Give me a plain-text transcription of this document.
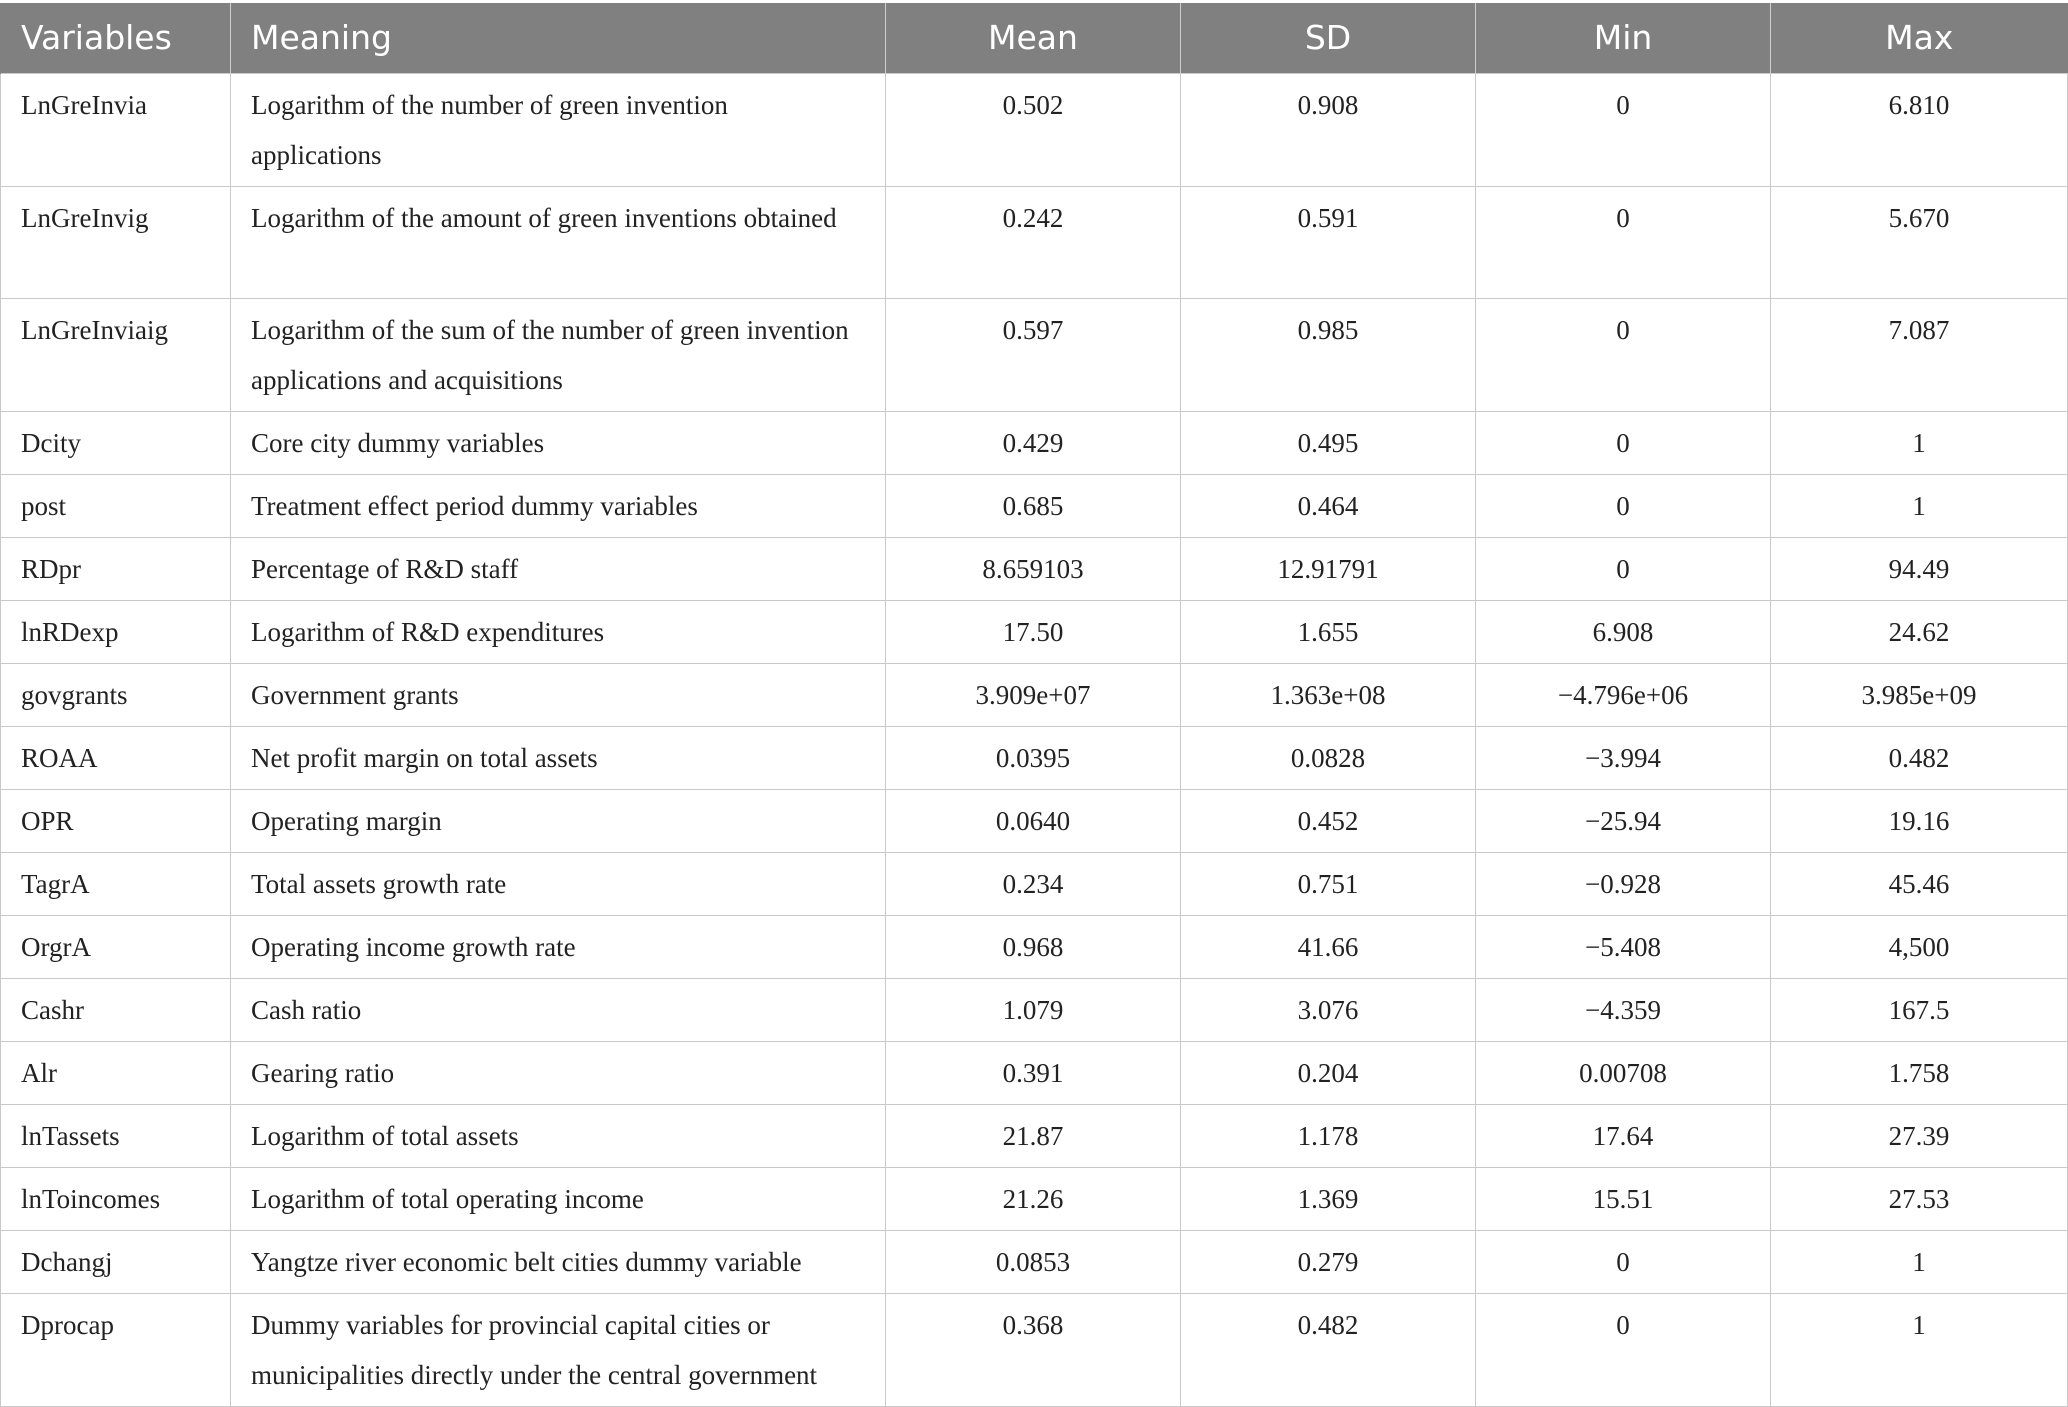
Variables	Meaning	Mean	SD	Min	Max
LnGreInvia	Logarithm of the number of green invention applications	0.502	0.908	0	6.810
LnGreInvig	Logarithm of the amount of green inventions obtained	0.242	0.591	0	5.670
LnGreInviaig	Logarithm of the sum of the number of green invention applications and acquisitions	0.597	0.985	0	7.087
Dcity	Core city dummy variables	0.429	0.495	0	1
post	Treatment effect period dummy variables	0.685	0.464	0	1
RDpr	Percentage of R&D staff	8.659103	12.91791	0	94.49
lnRDexp	Logarithm of R&D expenditures	17.50	1.655	6.908	24.62
govgrants	Government grants	3.909e+07	1.363e+08	−4.796e+06	3.985e+09
ROAA	Net profit margin on total assets	0.0395	0.0828	−3.994	0.482
OPR	Operating margin	0.0640	0.452	−25.94	19.16
TagrA	Total assets growth rate	0.234	0.751	−0.928	45.46
OrgrA	Operating income growth rate	0.968	41.66	−5.408	4,500
Cashr	Cash ratio	1.079	3.076	−4.359	167.5
Alr	Gearing ratio	0.391	0.204	0.00708	1.758
lnTassets	Logarithm of total assets	21.87	1.178	17.64	27.39
lnToincomes	Logarithm of total operating income	21.26	1.369	15.51	27.53
Dchangj	Yangtze river economic belt cities dummy variable	0.0853	0.279	0	1
Dprocap	Dummy variables for provincial capital cities or municipalities directly under the central government	0.368	0.482	0	1
